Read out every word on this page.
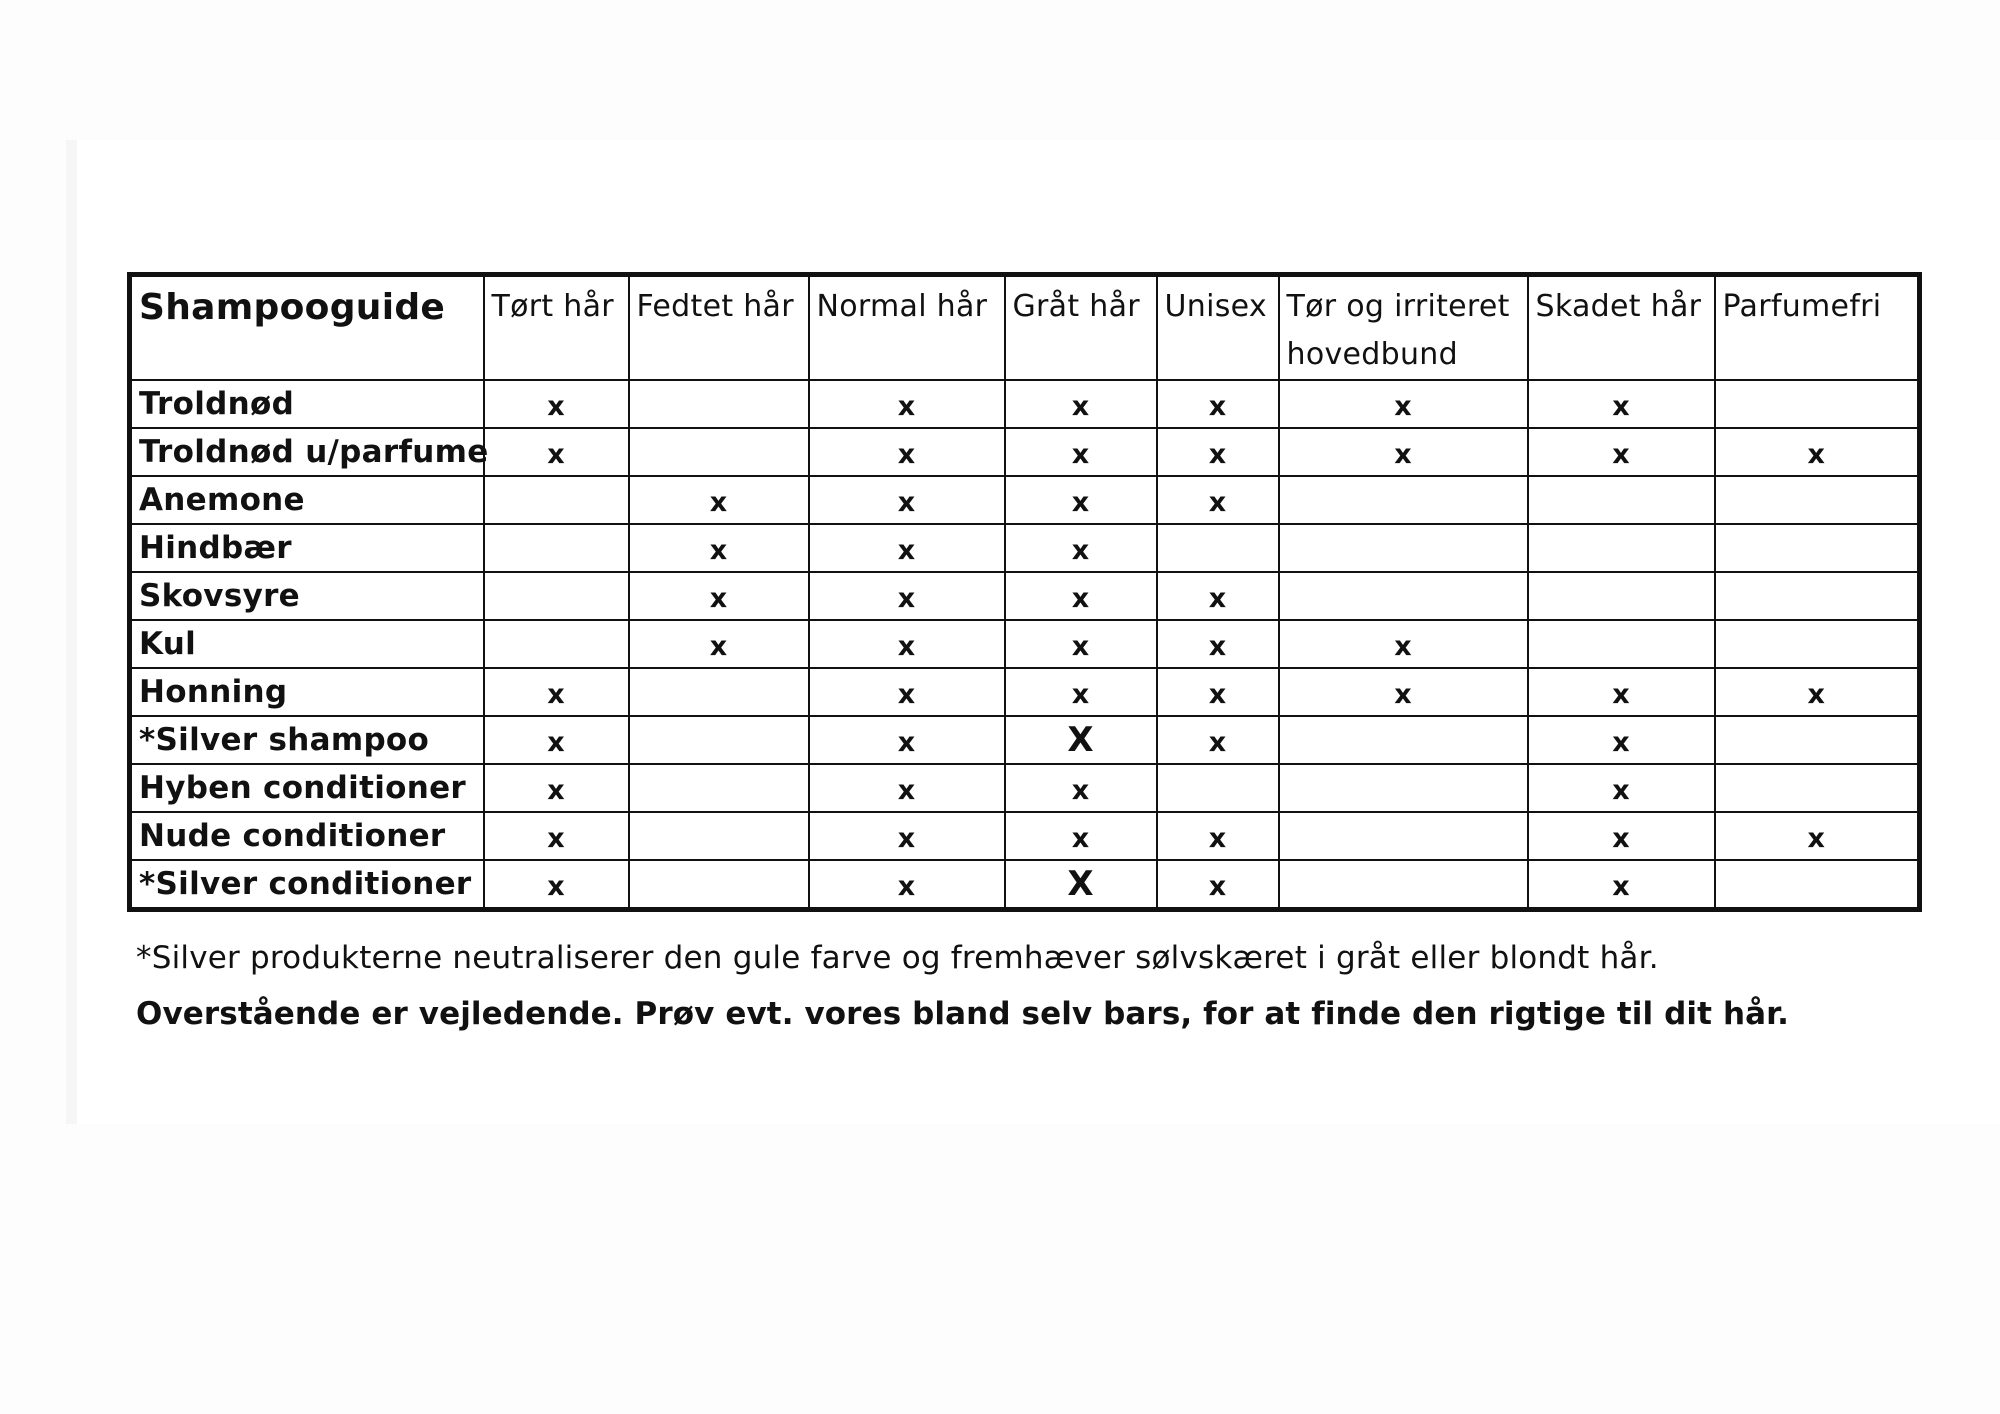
Shampooguide	Tørt hår	Fedtet hår	Normal hår	Gråt hår	Unisex	Tør og irriteret hovedbund	Skadet hår	Parfumefri
Troldnød	x		x	x	x	x	x	
Troldnød u/parfume	x		x	x	x	x	x	x
Anemone		x	x	x	x			
Hindbær		x	x	x				
Skovsyre		x	x	x	x			
Kul		x	x	x	x	x		
Honning	x		x	x	x	x	x	x
*Silver shampoo	x		x	X	x		x	
Hyben conditioner	x		x	x			x	
Nude conditioner	x		x	x	x		x	x
*Silver conditioner	x		x	X	x		x	
*Silver produkterne neutraliserer den gule farve og fremhæver sølvskæret i gråt eller blondt hår.
Overstående er vejledende. Prøv evt. vores bland selv bars, for at finde den rigtige til dit hår.
